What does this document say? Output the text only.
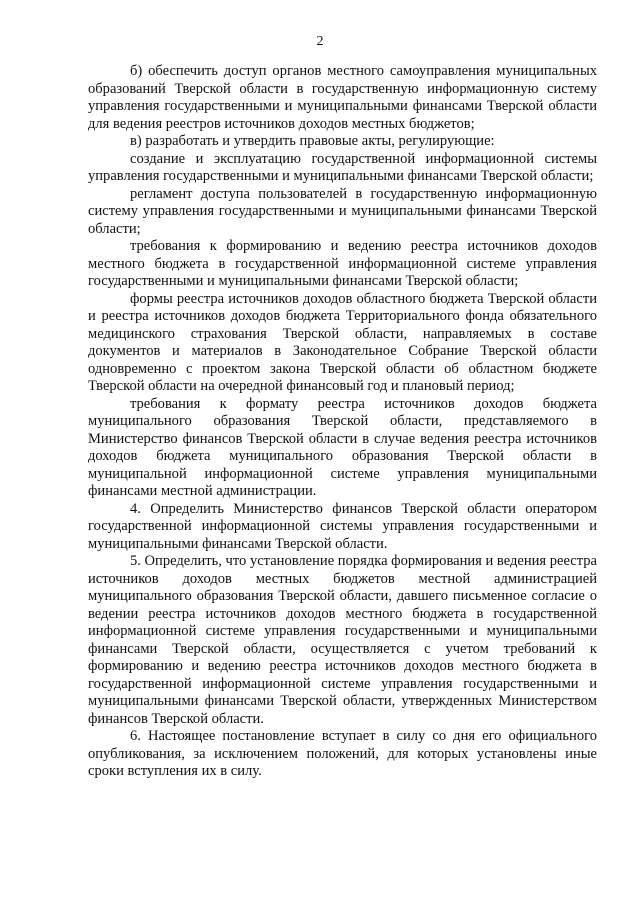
2

б) обеспечить доступ органов местного самоуправления муниципальных образований Тверской области в государственную информационную систему управления государственными и муниципальными финансами Тверской области для ведения реестров источников доходов местных бюджетов;

в) разработать и утвердить правовые акты, регулирующие:

создание и эксплуатацию государственной информационной системы управления государственными и муниципальными финансами Тверской области;

регламент доступа пользователей в государственную информационную систему управления государственными и муниципальными финансами Тверской области;

требования к формированию и ведению реестра источников доходов местного бюджета в государственной информационной системе управления государственными и муниципальными финансами Тверской области;

формы реестра источников доходов областного бюджета Тверской области и реестра источников доходов бюджета Территориального фонда обязательного медицинского страхования Тверской области, направляемых в составе документов и материалов в Законодательное Собрание Тверской области одновременно с проектом закона Тверской области об областном бюджете Тверской области на очередной финансовый год и плановый период;

требования к формату реестра источников доходов бюджета муниципального образования Тверской области, представляемого в Министерство финансов Тверской области в случае ведения реестра источников доходов бюджета муниципального образования Тверской области в муниципальной информационной системе управления муниципальными финансами местной администрации.

4. Определить Министерство финансов Тверской области оператором государственной информационной системы управления государственными и муниципальными финансами Тверской области.

5. Определить, что установление порядка формирования и ведения реестра источников доходов местных бюджетов местной администрацией муниципального образования Тверской области, давшего письменное согласие о ведении реестра источников доходов местного бюджета в государственной информационной системе управления государственными и муниципальными финансами Тверской области, осуществляется с учетом требований к формированию и ведению реестра источников доходов местного бюджета в государственной информационной системе управления государственными и муниципальными финансами Тверской области, утвержденных Министерством финансов Тверской области.

6. Настоящее постановление вступает в силу со дня его официального опубликования, за исключением положений, для которых установлены иные сроки вступления их в силу.
